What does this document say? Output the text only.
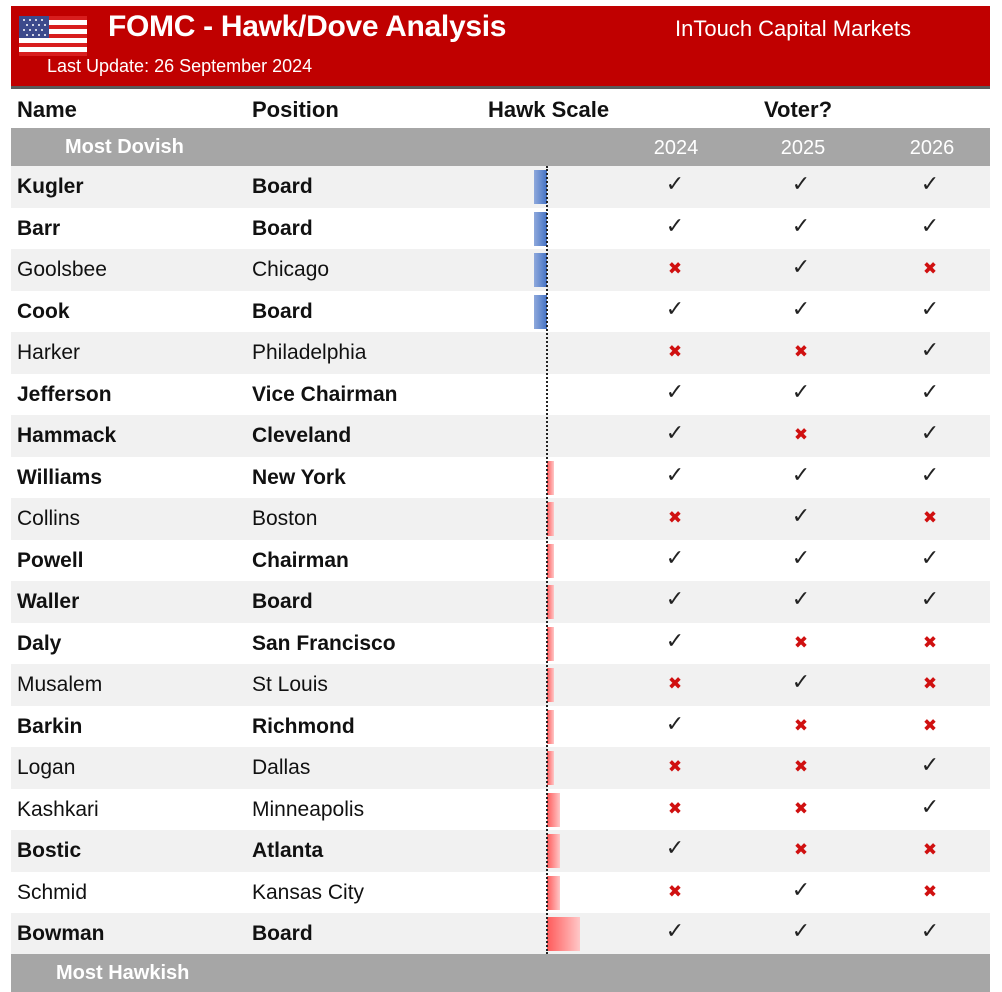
FOMC - Hawk/Dove Analysis	InTouch Capital Markets
Last Update: 26 September 2024
Name	Position	Hawk Scale	Voter?
Most Dovish	2024	2025	2026
Kugler	Board	✓	✓	✓
Barr	Board	✓	✓	✓
Goolsbee	Chicago	✖	✓	✖
Cook	Board	✓	✓	✓
Harker	Philadelphia	✖	✖	✓
Jefferson	Vice Chairman	✓	✓	✓
Hammack	Cleveland	✓	✖	✓
Williams	New York	✓	✓	✓
Collins	Boston	✖	✓	✖
Powell	Chairman	✓	✓	✓
Waller	Board	✓	✓	✓
Daly	San Francisco	✓	✖	✖
Musalem	St Louis	✖	✓	✖
Barkin	Richmond	✓	✖	✖
Logan	Dallas	✖	✖	✓
Kashkari	Minneapolis	✖	✖	✓
Bostic	Atlanta	✓	✖	✖
Schmid	Kansas City	✖	✓	✖
Bowman	Board	✓	✓	✓
Most Hawkish
